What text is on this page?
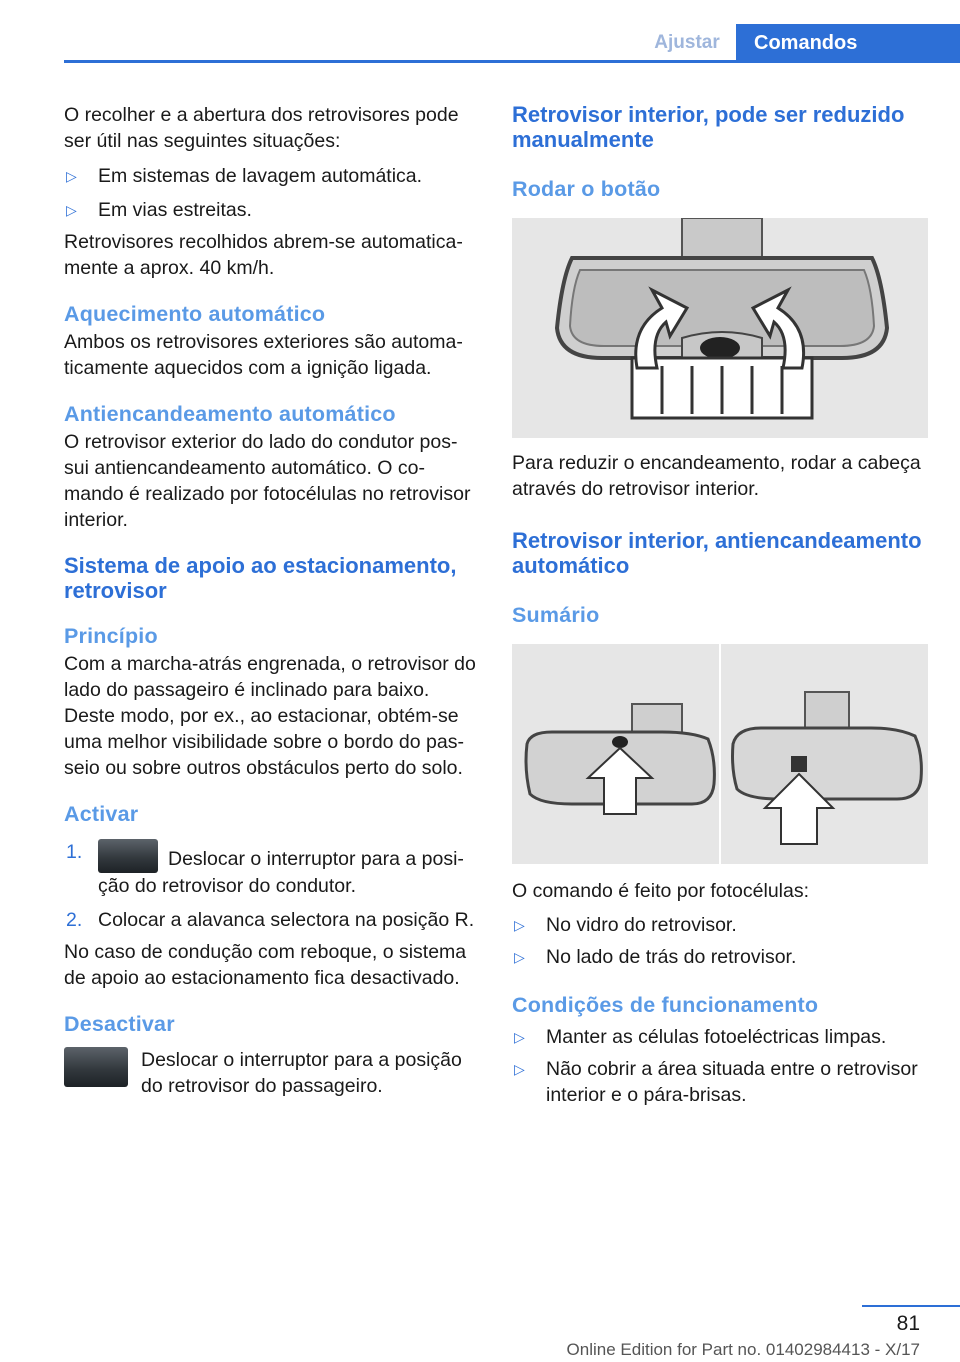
Ajustar	Comandos

O recolher e a abertura dos retrovisores pode ser útil nas seguintes situações:

▷ Em sistemas de lavagem automática.
▷ Em vias estreitas.

Retrovisores recolhidos abrem-se automatica- mente a aprox. 40 km/h.

Aquecimento automático

Ambos os retrovisores exteriores são automa- ticamente aquecidos com a ignição ligada.

Antiencandeamento automático

O retrovisor exterior do lado do condutor pos- sui antiencandeamento automático. O co- mando é realizado por fotocélulas no retrovisor interior.

Sistema de apoio ao estacionamento, retrovisor
Princípio

Com a marcha-atrás engrenada, o retrovisor do lado do passageiro é inclinado para baixo. Deste modo, por ex., ao estacionar, obtém-se uma melhor visibilidade sobre o bordo do pas- seio ou sobre outros obstáculos perto do solo.

Activar
1.	Deslocar o interruptor para a posi- ção do retrovisor do condutor.
2. Colocar a alavanca selectora na posição R.

No caso de condução com reboque, o sistema de apoio ao estacionamento fica desactivado.

Desactivar

Deslocar o interruptor para a posição do retrovisor do passageiro.

Retrovisor interior, pode ser reduzido manualmente
Rodar o botão

Para reduzir o encandeamento, rodar a cabeça através do retrovisor interior.

Retrovisor interior, antiencandeamento automático
Sumário

O comando é feito por fotocélulas:

▷ No vidro do retrovisor.
▷ No lado de trás do retrovisor.
Condições de funcionamento
▷ Manter as células fotoeléctricas limpas.
▷ Não cobrir a área situada entre o retrovisor interior e o pára-brisas.
81
Online Edition for Part no. 01402984413 - X/17
